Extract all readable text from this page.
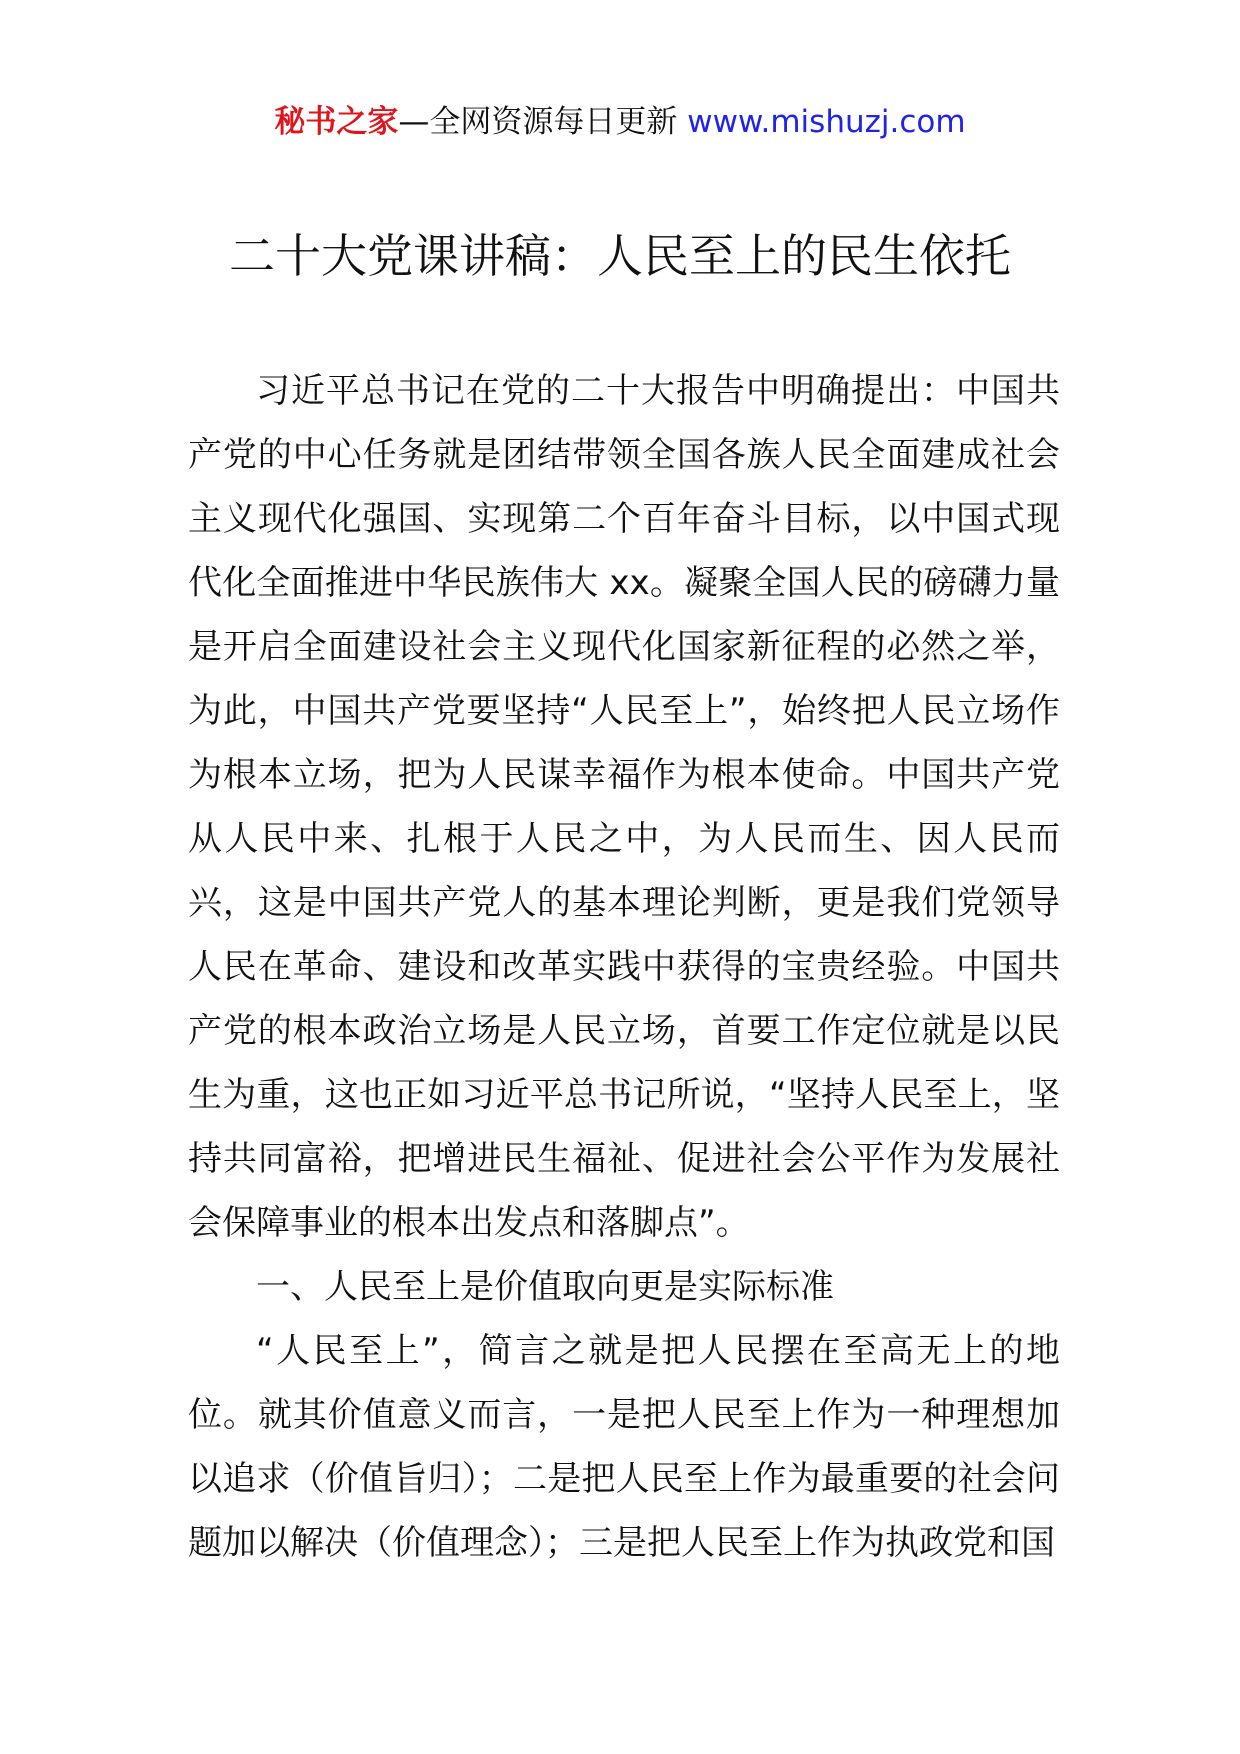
秘书之家—全网资源每日更新 www.mishuzj.com
二十大党课讲稿：人民至上的民生依托

习近平总书记在党的二十大报告中明确提出：中国共产党的中心任务就是团结带领全国各族人民全面建成社会主义现代化强国、实现第二个百年奋斗目标，以中国式现代化全面推进中华民族伟大 xx。凝聚全国人民的磅礴力量是开启全面建设社会主义现代化国家新征程的必然之举，为此，中国共产党要坚持“人民至上”，始终把人民立场作为根本立场，把为人民谋幸福作为根本使命。中国共产党从人民中来、扎根于人民之中，为人民而生、因人民而兴，这是中国共产党人的基本理论判断，更是我们党领导人民在革命、建设和改革实践中获得的宝贵经验。中国共产党的根本政治立场是人民立场，首要工作定位就是以民生为重，这也正如习近平总书记所说，“坚持人民至上，坚持共同富裕，把增进民生福祉、促进社会公平作为发展社会保障事业的根本出发点和落脚点”。

一、人民至上是价值取向更是实际标准

“人民至上”，简言之就是把人民摆在至高无上的地位。就其价值意义而言，一是把人民至上作为一种理想加以追求（价值旨归）；二是把人民至上作为最重要的社会问题加以解决（价值理念）；三是把人民至上作为执政党和国
